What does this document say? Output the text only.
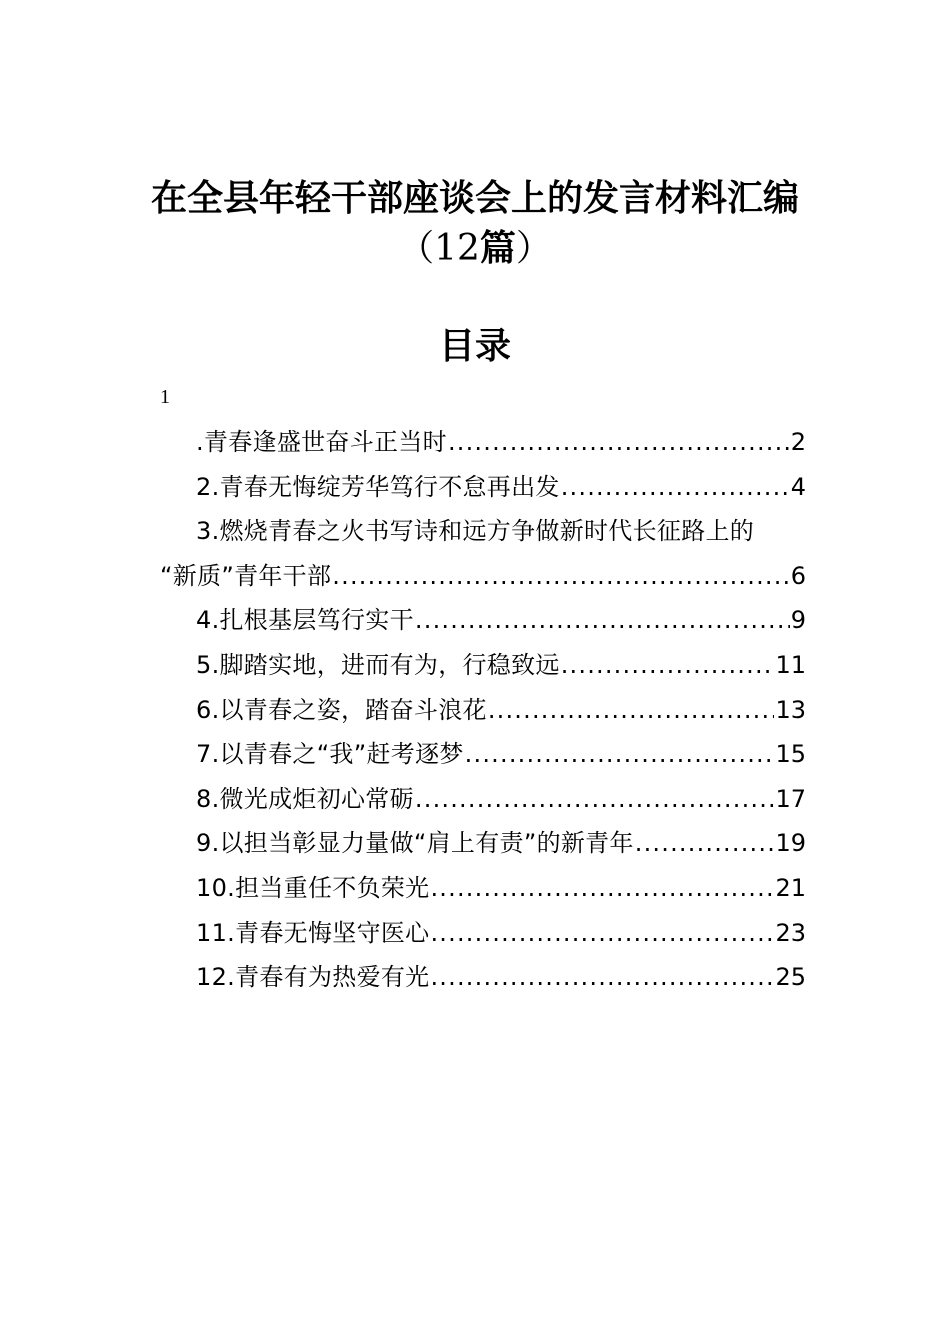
在全县年轻干部座谈会上的发言材料汇编
（12篇）
目录
1
.青春逢盛世奋斗正当时 .....	2
2.青春无悔绽芳华笃行不怠再出发 .....	4
3.燃烧青春之火书写诗和远方争做新时代长征路上的
“新质”青年干部 .....	6
4.扎根基层笃行实干 .....	9
5.脚踏实地，进而有为，行稳致远 .....	11
6.以青春之姿，踏奋斗浪花 .....	13
7.以青春之“我”赶考逐梦 .....	15
8.微光成炬初心常砺 .....	17
9.以担当彰显力量做“肩上有责”的新青年 .....	19
10.担当重任不负荣光 .....	21
11.青春无悔坚守医心 .....	23
12.青春有为热爱有光 .....	25
